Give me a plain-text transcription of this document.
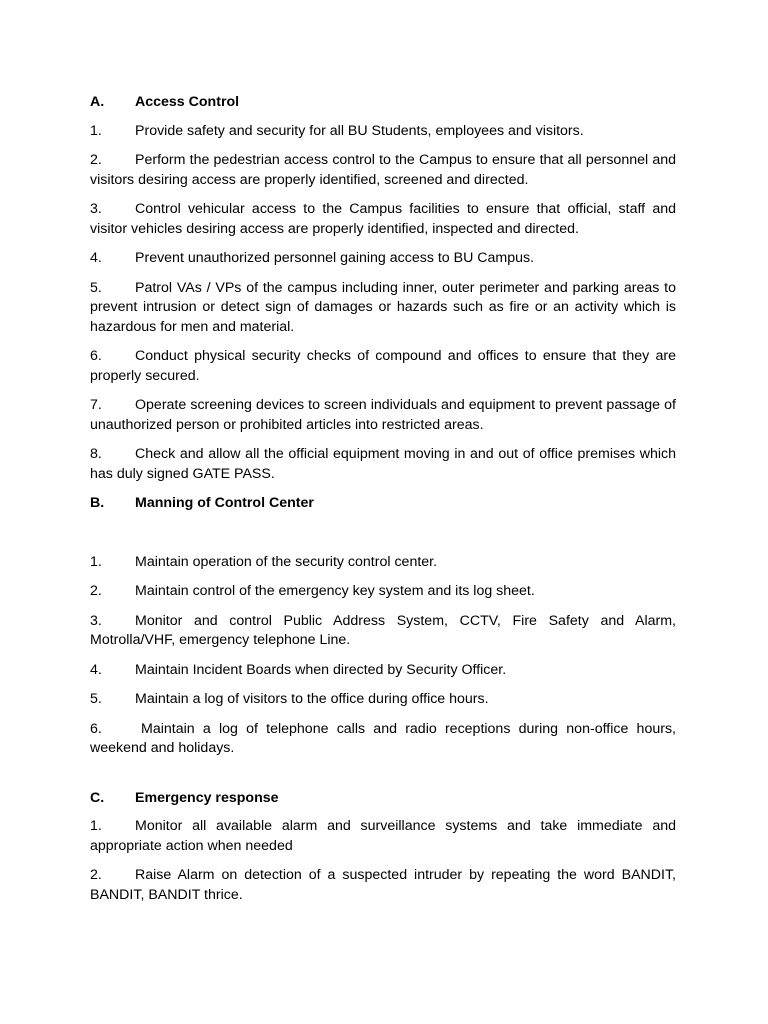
A.	Access Control

1. Provide safety and security for all BU Students, employees and visitors.

2. Perform the pedestrian access control to the Campus to ensure that all personnel and visitors desiring access are properly identified, screened and directed.

3. Control vehicular access to the Campus facilities to ensure that official, staff and visitor vehicles desiring access are properly identified, inspected and directed.

4. Prevent unauthorized personnel gaining access to BU Campus.

5. Patrol VAs / VPs of the campus including inner, outer perimeter and parking areas to prevent intrusion or detect sign of damages or hazards such as fire or an activity which is hazardous for men and material.

6. Conduct physical security checks of compound and offices to ensure that they are properly secured.

7. Operate screening devices to screen individuals and equipment to prevent passage of unauthorized person or prohibited articles into restricted areas.

8. Check and allow all the official equipment moving in and out of office premises which has duly signed GATE PASS.

B.	Manning of Control Center

1. Maintain operation of the security control center.

2. Maintain control of the emergency key system and its log sheet.

3. Monitor and control Public Address System, CCTV, Fire Safety and Alarm, Motrolla/VHF, emergency telephone Line.

4. Maintain Incident Boards when directed by Security Officer.

5. Maintain a log of visitors to the office during office hours.

6.	Maintain a log of telephone calls and radio receptions during non-office hours, weekend and holidays.

C.	Emergency response

1. Monitor all available alarm and surveillance systems and take immediate and appropriate action when needed

2. Raise Alarm on detection of a suspected intruder by repeating the word BANDIT, BANDIT, BANDIT thrice.
